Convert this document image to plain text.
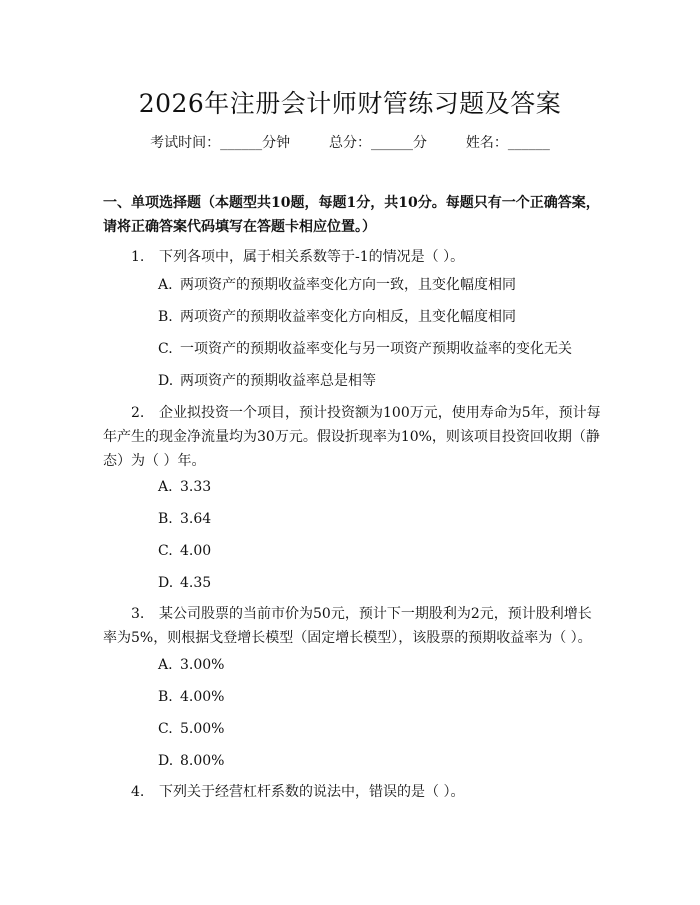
2026年注册会计师财管练习题及答案
考试时间：______分钟	总分：______分	姓名：______
一、单项选择题（本题型共10题，每题1分，共10分。每题只有一个正确答案，请将正确答案代码填写在答题卡相应位置。）
1. 下列各项中，属于相关系数等于-1的情况是（ ）。
A. 两项资产的预期收益率变化方向一致，且变化幅度相同
B. 两项资产的预期收益率变化方向相反，且变化幅度相同
C. 一项资产的预期收益率变化与另一项资产预期收益率的变化无关
D. 两项资产的预期收益率总是相等
2. 企业拟投资一个项目，预计投资额为100万元，使用寿命为5年，预计每年产生的现金净流量均为30万元。假设折现率为10%，则该项目投资回收期（静态）为（ ）年。
A. 3.33
B. 3.64
C. 4.00
D. 4.35
3. 某公司股票的当前市价为50元，预计下一期股利为2元，预计股利增长率为5%，则根据戈登增长模型（固定增长模型），该股票的预期收益率为（ ）。
A. 3.00%
B. 4.00%
C. 5.00%
D. 8.00%
4. 下列关于经营杠杆系数的说法中，错误的是（ ）。
